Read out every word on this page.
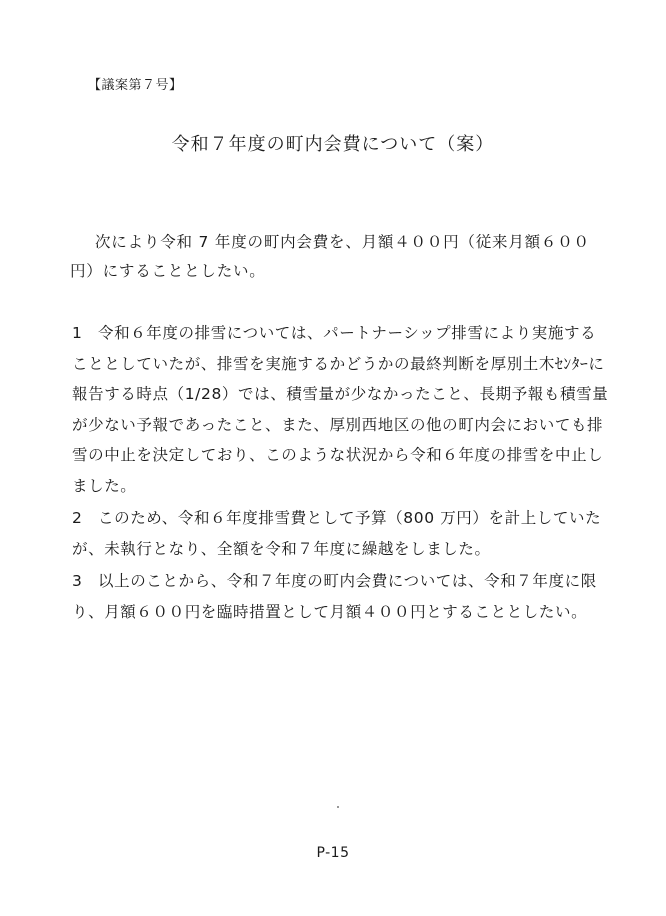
【議案第７号】
令和７年度の町内会費について（案）

次により令和 7 年度の町内会費を、月額４００円（従来月額６００円）にすることとしたい。

1	令和６年度の排雪については、パートナーシップ排雪により実施することとしていたが、排雪を実施するかどうかの最終判断を厚別土木ｾﾝﾀｰに報告する時点（1/28）では、積雪量が少なかったこと、長期予報も積雪量が少ない予報であったこと、また、厚別西地区の他の町内会においても排雪の中止を決定しており、このような状況から令和６年度の排雪を中止しました。
2	このため、令和６年度排雪費として予算（800 万円）を計上していたが、未執行となり、全額を令和７年度に繰越をしました。
3	以上のことから、令和７年度の町内会費については、令和７年度に限り、月額６００円を臨時措置として月額４００円とすることとしたい。
P-15
